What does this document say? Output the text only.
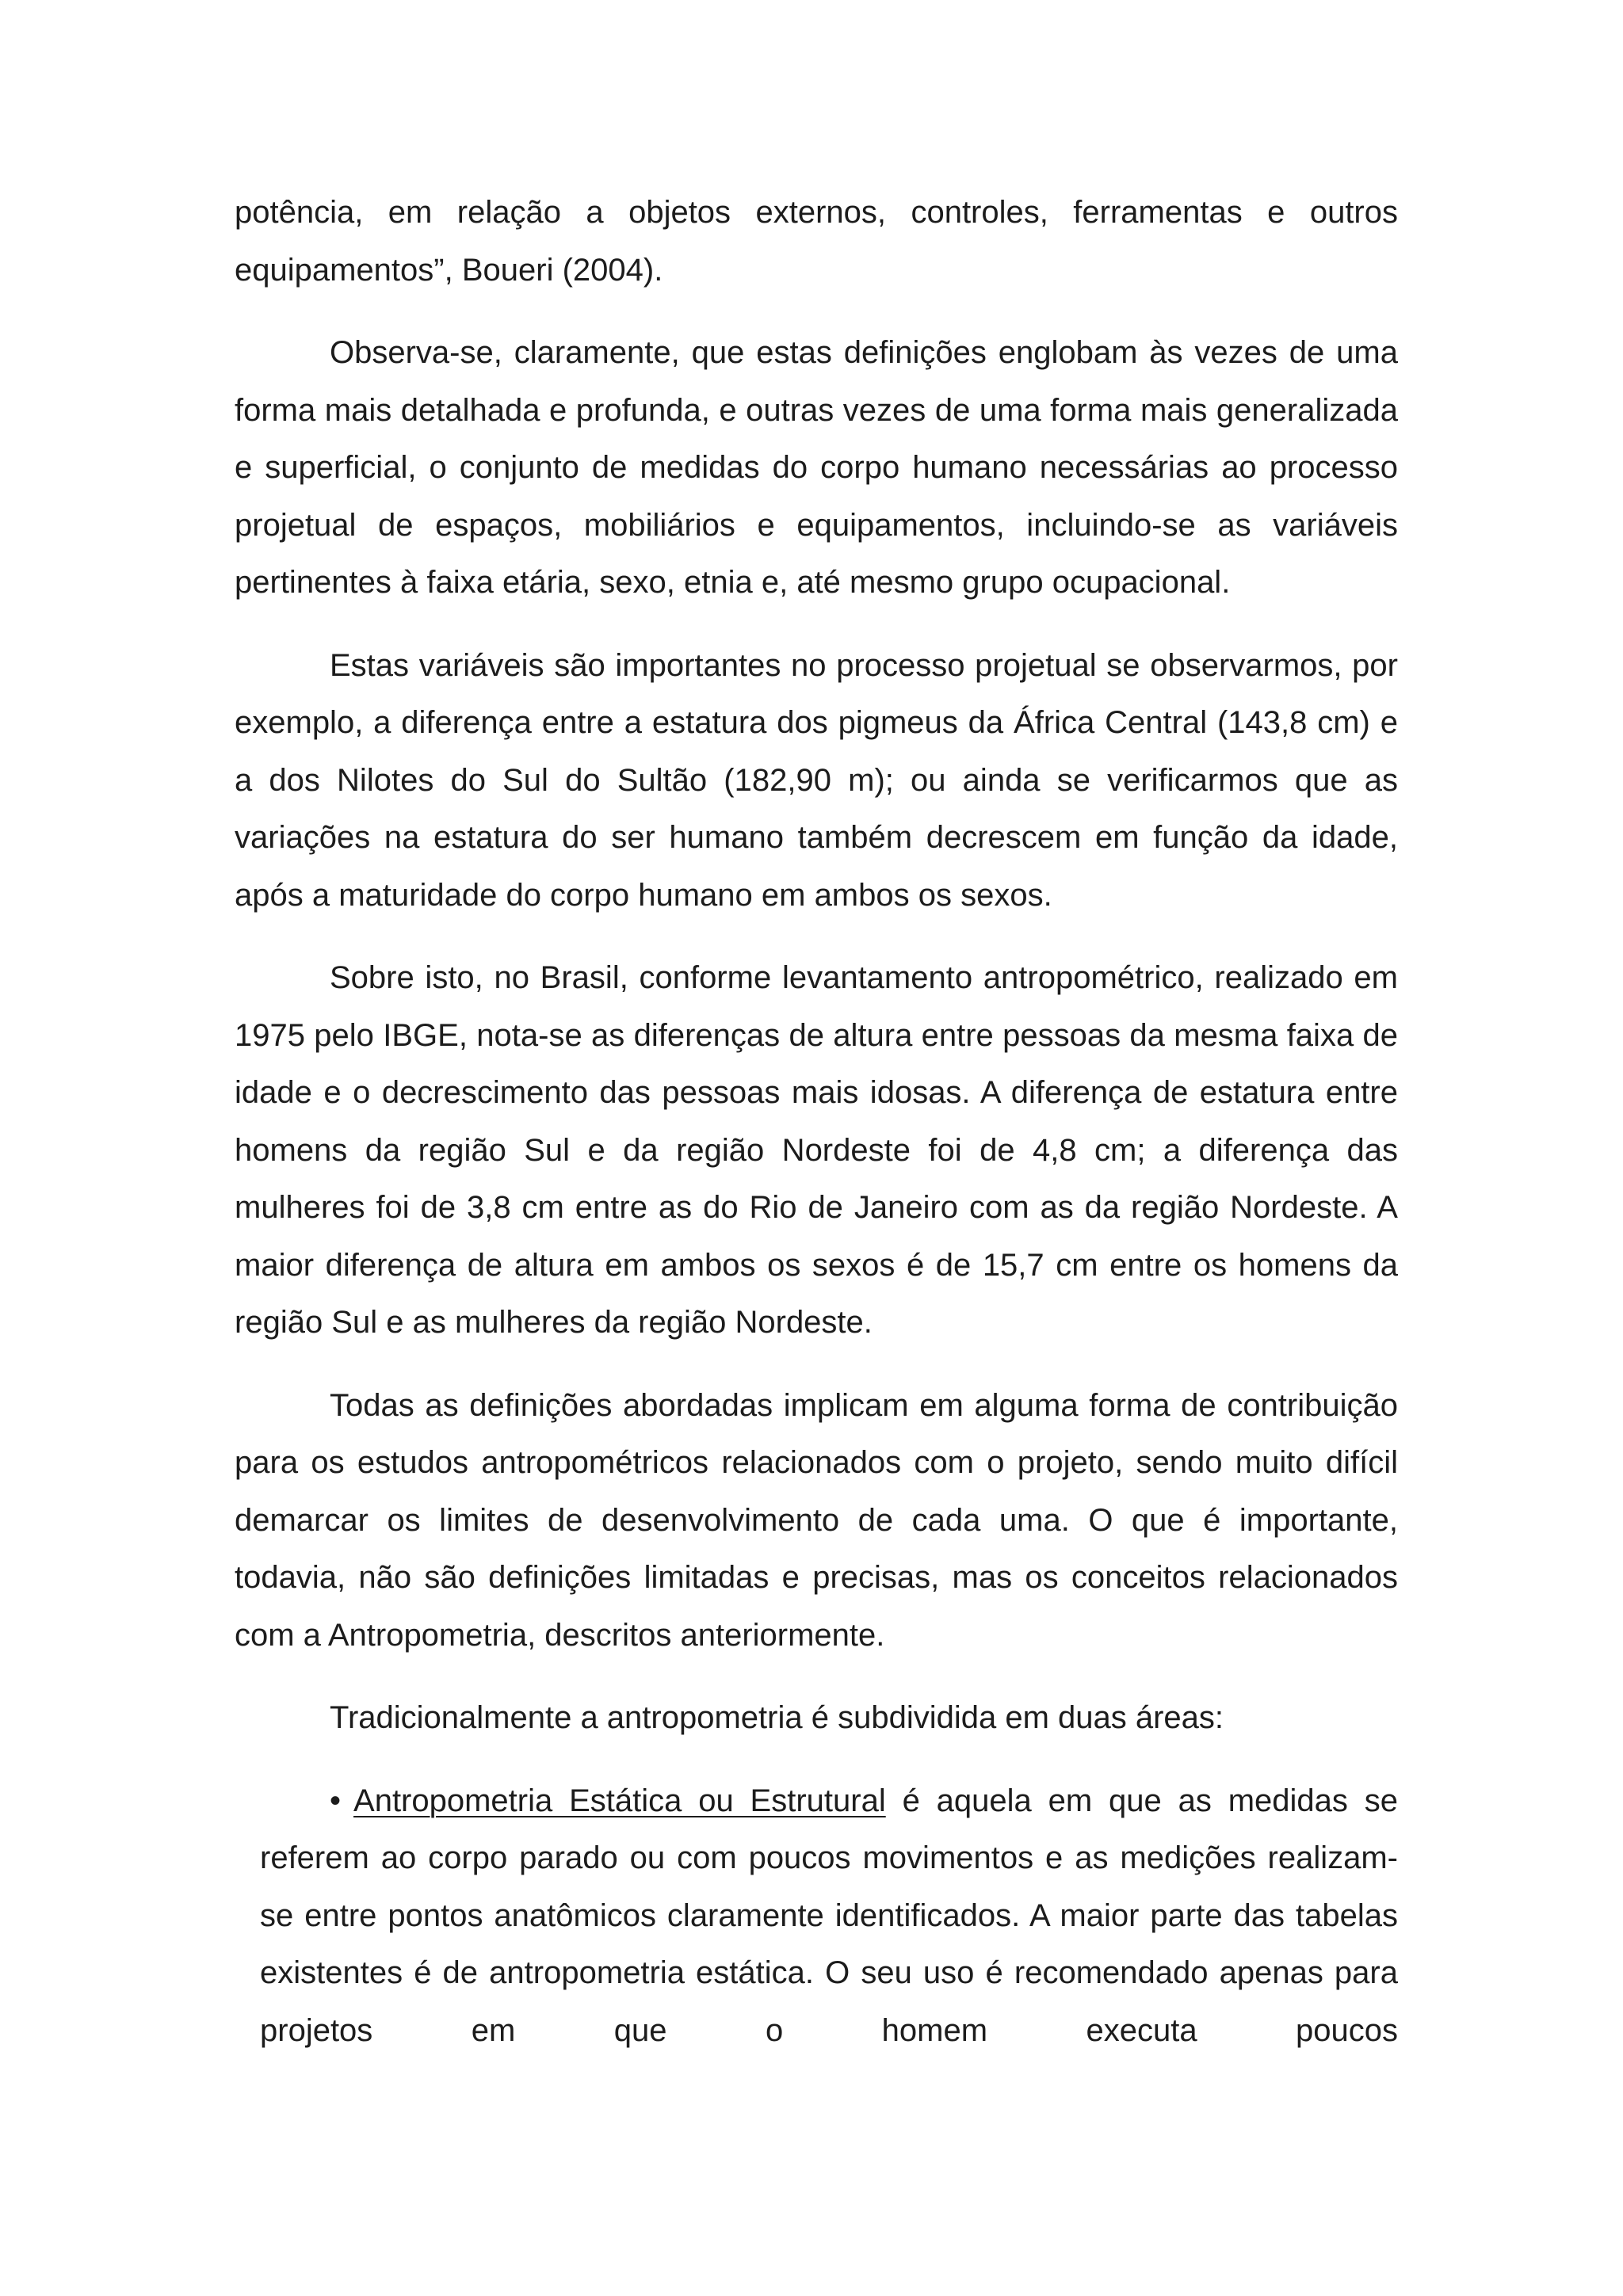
potência, em relação a objetos externos, controles, ferramentas e outros equipamentos”, Boueri (2004).

Observa-se, claramente, que estas definições englobam às vezes de uma forma mais detalhada e profunda, e outras vezes de uma forma mais generalizada e superficial, o conjunto de medidas do corpo humano necessárias ao processo projetual de espaços, mobiliários e equipamentos, incluindo-se as variáveis pertinentes à faixa etária, sexo, etnia e, até mesmo grupo ocupacional.

Estas variáveis são importantes no processo projetual se observarmos, por exemplo, a diferença entre a estatura dos pigmeus da África Central (143,8 cm) e a dos Nilotes do Sul do Sultão (182,90 m); ou ainda se verificarmos que as variações na estatura do ser humano também decrescem em função da idade, após a maturidade do corpo humano em ambos os sexos.

Sobre isto, no Brasil, conforme levantamento antropométrico, realizado em 1975 pelo IBGE, nota-se as diferenças de altura entre pessoas da mesma faixa de idade e o decrescimento das pessoas mais idosas. A diferença de estatura entre homens da região Sul e da região Nordeste foi de 4,8 cm; a diferença das mulheres foi de 3,8 cm entre as do Rio de Janeiro com as da região Nordeste. A maior diferença de altura em ambos os sexos é de 15,7 cm entre os homens da região Sul e as mulheres da região Nordeste.

Todas as definições abordadas implicam em alguma forma de contribuição para os estudos antropométricos relacionados com o projeto, sendo muito difícil demarcar os limites de desenvolvimento de cada uma. O que é importante, todavia, não são definições limitadas e precisas, mas os conceitos relacionados com a Antropometria, descritos anteriormente.

Tradicionalmente a antropometria é subdividida em duas áreas:

• Antropometria Estática ou Estrutural é aquela em que as medidas se referem ao corpo parado ou com poucos movimentos e as medições realizam-se entre pontos anatômicos claramente identificados. A maior parte das tabelas existentes é de antropometria estática. O seu uso é recomendado apenas para projetos em que o homem executa poucos
